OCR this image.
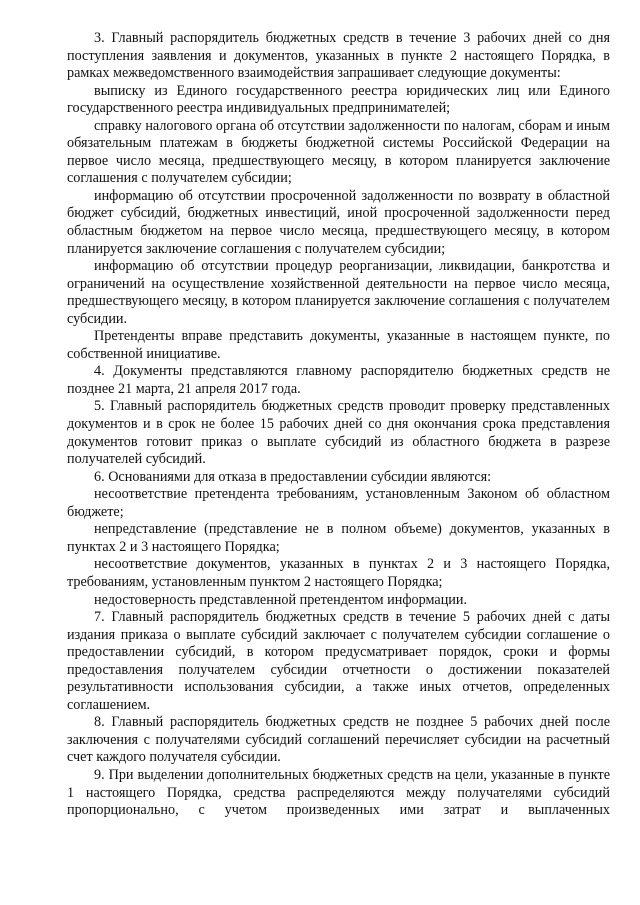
3. Главный распорядитель бюджетных средств в течение 3 рабочих дней со дня поступления заявления и документов, указанных в пункте 2 настоящего Порядка, в рамках межведомственного взаимодействия запрашивает следующие документы:

выписку из Единого государственного реестра юридических лиц или Единого государственного реестра индивидуальных предпринимателей;

справку налогового органа об отсутствии задолженности по налогам, сборам и иным обязательным платежам в бюджеты бюджетной системы Российской Федерации на первое число месяца, предшествующего месяцу, в котором планируется заключение соглашения с получателем субсидии;

информацию об отсутствии просроченной задолженности по возврату в областной бюджет субсидий, бюджетных инвестиций, иной просроченной задолженности перед областным бюджетом на первое число месяца, предшествующего месяцу, в котором планируется заключение соглашения с получателем субсидии;

информацию об отсутствии процедур реорганизации, ликвидации, банкротства и ограничений на осуществление хозяйственной деятельности на первое число месяца, предшествующего месяцу, в котором планируется заключение соглашения с получателем субсидии.

Претенденты вправе представить документы, указанные в настоящем пункте, по собственной инициативе.

4. Документы представляются главному распорядителю бюджетных средств не позднее 21 марта, 21 апреля 2017 года.

5. Главный распорядитель бюджетных средств проводит проверку представленных документов и в срок не более 15 рабочих дней со дня окончания срока представления документов готовит приказ о выплате субсидий из областного бюджета в разрезе получателей субсидий.

6. Основаниями для отказа в предоставлении субсидии являются:

несоответствие претендента требованиям, установленным Законом об областном бюджете;

непредставление (представление не в полном объеме) документов, указанных в пунктах 2 и 3 настоящего Порядка;

несоответствие документов, указанных в пунктах 2 и 3 настоящего Порядка, требованиям, установленным пунктом 2 настоящего Порядка;

недостоверность представленной претендентом информации.

7. Главный распорядитель бюджетных средств в течение 5 рабочих дней с даты издания приказа о выплате субсидий заключает с получателем субсидии соглашение о предоставлении субсидий, в котором предусматривает порядок, сроки и формы предоставления получателем субсидии отчетности о достижении показателей результативности использования субсидии, а также иных отчетов, определенных соглашением.

8. Главный распорядитель бюджетных средств не позднее 5 рабочих дней после заключения с получателями субсидий соглашений перечисляет субсидии на расчетный счет каждого получателя субсидии.

9. При выделении дополнительных бюджетных средств на цели, указанные в пункте 1 настоящего Порядка, средства распределяются между получателями субсидий пропорционально, с учетом произведенных ими затрат и выплаченных
